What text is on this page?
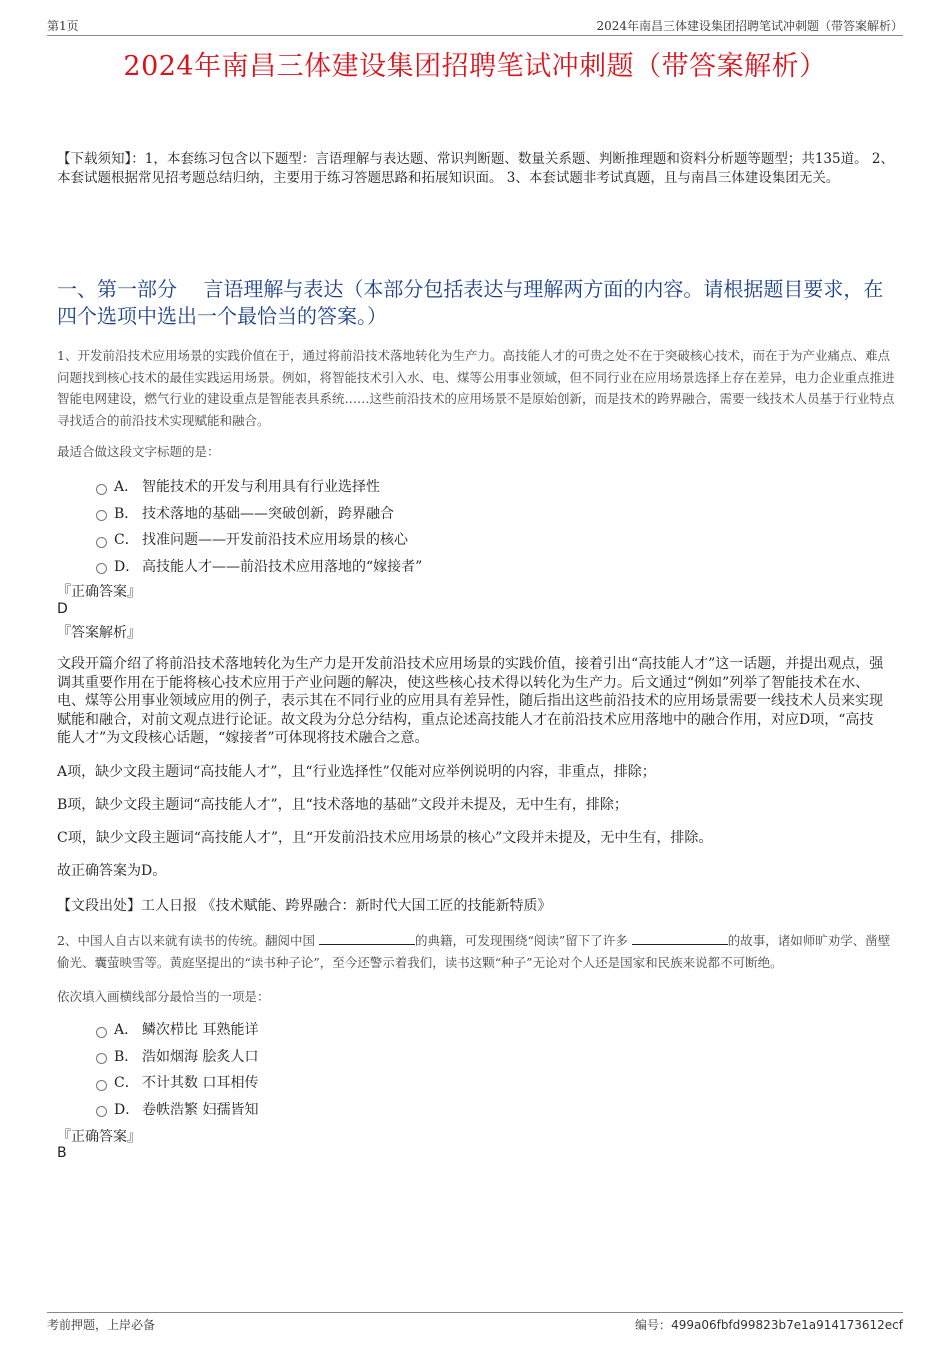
第1页	2024年南昌三体建设集团招聘笔试冲刺题（带答案解析）
2024年南昌三体建设集团招聘笔试冲刺题（带答案解析）
【下载须知】：1，本套练习包含以下题型：言语理解与表达题、常识判断题、数量关系题、判断推理题和资料分析题等题型；共135道。 2、本套试题根据常见招考题总结归纳，主要用于练习答题思路和拓展知识面。 3、本套试题非考试真题，且与南昌三体建设集团无关。
一、第一部分　 言语理解与表达（本部分包括表达与理解两方面的内容。请根据题目要求，在四个选项中选出一个最恰当的答案。）
1、开发前沿技术应用场景的实践价值在于，通过将前沿技术落地转化为生产力。高技能人才的可贵之处不在于突破核心技术，而在于为产业痛点、难点问题找到核心技术的最佳实践运用场景。例如，将智能技术引入水、电、煤等公用事业领域，但不同行业在应用场景选择上存在差异，电力企业重点推进智能电网建设，燃气行业的建设重点是智能表具系统……这些前沿技术的应用场景不是原始创新，而是技术的跨界融合，需要一线技术人员基于行业特点寻找适合的前沿技术实现赋能和融合。
最适合做这段文字标题的是：
A． 智能技术的开发与利用具有行业选择性
B． 技术落地的基础——突破创新，跨界融合
C． 找准问题——开发前沿技术应用场景的核心
D． 高技能人才——前沿技术应用落地的“嫁接者”
『正确答案』
D
『答案解析』

文段开篇介绍了将前沿技术落地转化为生产力是开发前沿技术应用场景的实践价值，接着引出“高技能人才”这一话题，并提出观点，强调其重要作用在于能将核心技术应用于产业问题的解决，使这些核心技术得以转化为生产力。后文通过“例如”列举了智能技术在水、电、煤等公用事业领域应用的例子，表示其在不同行业的应用具有差异性，随后指出这些前沿技术的应用场景需要一线技术人员来实现赋能和融合，对前文观点进行论证。故文段为分总分结构，重点论述高技能人才在前沿技术应用落地中的融合作用，对应D项，“高技能人才”为文段核心话题，“嫁接者”可体现将技术融合之意。

A项，缺少文段主题词“高技能人才”，且“行业选择性”仅能对应举例说明的内容，非重点，排除；

B项，缺少文段主题词“高技能人才”，且“技术落地的基础”文段并未提及，无中生有，排除；

C项，缺少文段主题词“高技能人才”，且“开发前沿技术应用场景的核心”文段并未提及，无中生有，排除。

故正确答案为D。

【文段出处】工人日报 《技术赋能、跨界融合：新时代大国工匠的技能新特质》

2、中国人自古以来就有读书的传统。翻阅中国	的典籍，可发现围绕“阅读”留下了许多	的故事，诸如师旷劝学、凿壁偷光、囊萤映雪等。黄庭坚提出的“读书种子论”，至今还警示着我们，读书这颗“种子”无论对个人还是国家和民族来说都不可断绝。
依次填入画横线部分最恰当的一项是：
A． 鳞次栉比 耳熟能详
B． 浩如烟海 脍炙人口
C． 不计其数 口耳相传
D． 卷帙浩繁 妇孺皆知
『正确答案』
B
考前押题，上岸必备	编号：499a06fbfd99823b7e1a914173612ecf
